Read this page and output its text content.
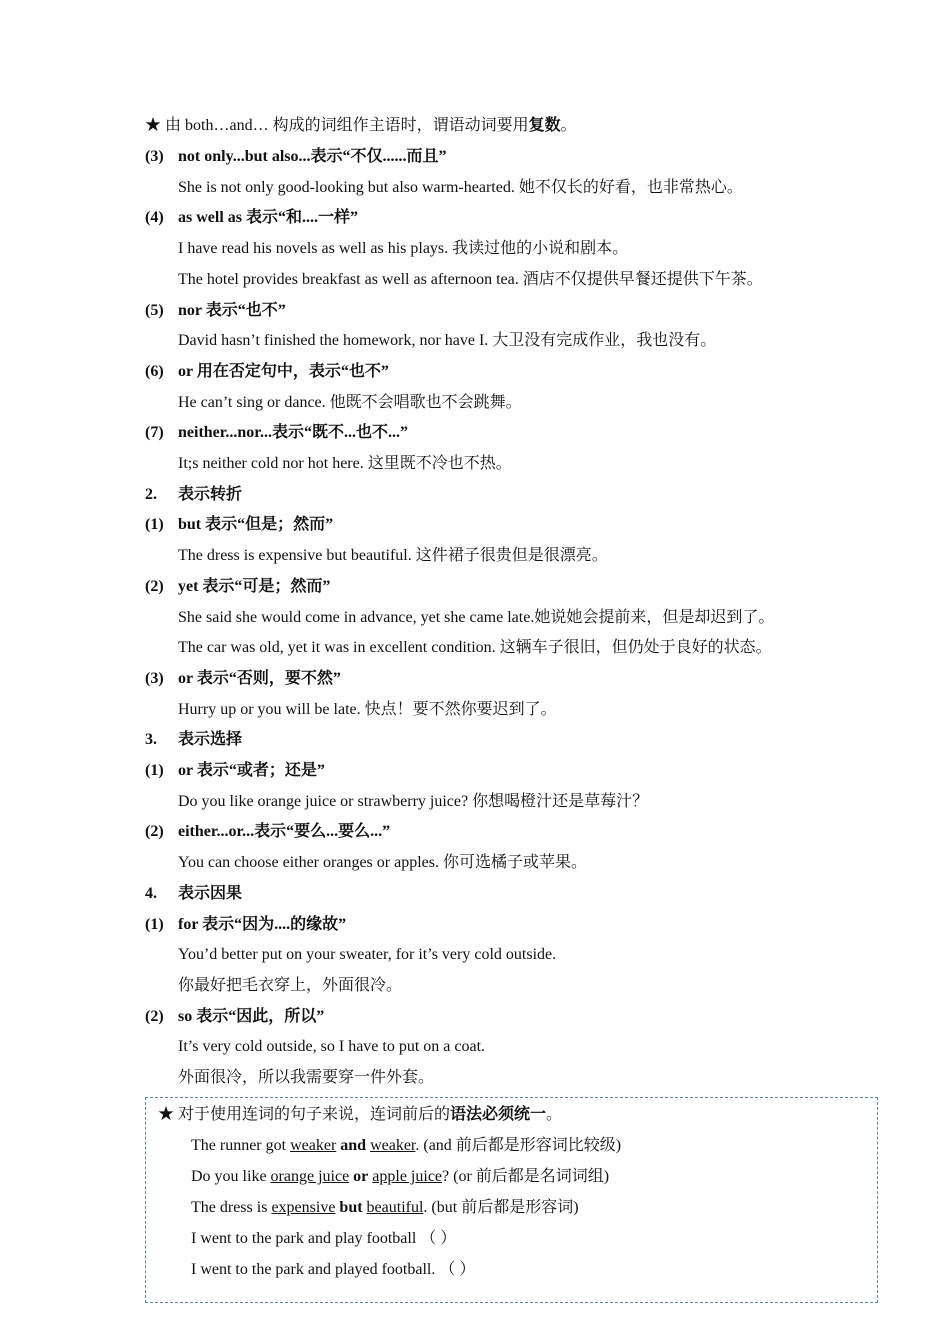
★ 由 both…and… 构成的词组作主语时，谓语动词要用复数。
(3) not only...but also...表示“不仅......而且”
She is not only good-looking but also warm-hearted. 她不仅长的好看，也非常热心。
(4) as well as 表示“和....一样”
I have read his novels as well as his plays. 我读过他的小说和剧本。
The hotel provides breakfast as well as afternoon tea. 酒店不仅提供早餐还提供下午茶。
(5) nor 表示“也不”
David hasn’t finished the homework, nor have I. 大卫没有完成作业，我也没有。
(6) or 用在否定句中，表示“也不”
He can’t sing or dance. 他既不会唱歌也不会跳舞。
(7) neither...nor...表示“既不...也不...”
It;s neither cold nor hot here. 这里既不冷也不热。
2. 表示转折
(1) but 表示“但是；然而”
The dress is expensive but beautiful. 这件裙子很贵但是很漂亮。
(2) yet 表示“可是；然而”
She said she would come in advance, yet she came late.她说她会提前来，但是却迟到了。
The car was old, yet it was in excellent condition. 这辆车子很旧，但仍处于良好的状态。
(3) or 表示“否则，要不然”
Hurry up or you will be late. 快点！要不然你要迟到了。
3. 表示选择
(1) or 表示“或者；还是”
Do you like orange juice or strawberry juice? 你想喝橙汁还是草莓汁？
(2) either...or...表示“要么...要么...”
You can choose either oranges or apples. 你可选橘子或苹果。
4. 表示因果
(1) for 表示“因为....的缘故”
You’d better put on your sweater, for it’s very cold outside.
你最好把毛衣穿上，外面很冷。
(2) so 表示“因此，所以”
It’s very cold outside, so I have to put on a coat.
外面很冷，所以我需要穿一件外套。
★ 对于使用连词的句子来说，连词前后的语法必须统一。
The runner got weaker and weaker. (and 前后都是形容词比较级)
Do you like orange juice or apple juice? (or 前后都是名词词组)
The dress is expensive but beautiful. (but 前后都是形容词)
I went to the park and play football （ ）
I went to the park and played football. （ ）
